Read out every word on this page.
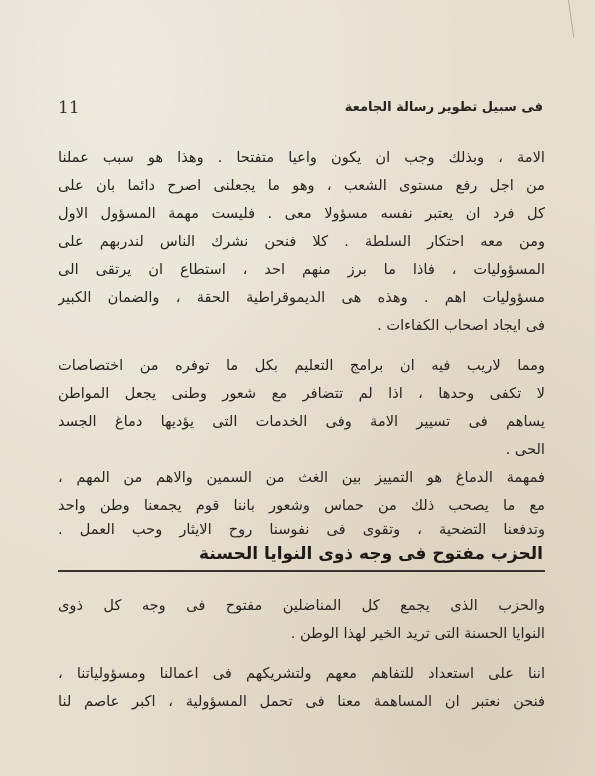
11	فى سبيل تطوير رسالة الجامعة
الامة ، وبذلك وجب ان يكون واعيا متفتحا . وهذا هو سبب عملنا
من اجل رفع مستوى الشعب ، وهو ما يجعلنى اصرح دائما بان على
كل فرد ان يعتبر نفسه مسؤولا معى . فليست مهمة المسؤول الاول
ومن معه احتكار السلطة . كلا فنحن نشرك الناس لندربهم على
المسؤوليات ، فاذا ما برز منهم احد ، استطاع ان يرتقى الى
مسؤوليات اهم . وهذه هى الديموقراطية الحقة ، والضمان الكبير
فى ايجاد اصحاب الكفاءات .
ومما لاريب فيه ان برامج التعليم بكل ما توفره من اختصاصات
لا تكفى وحدها ، اذا لم تتضافر مع شعور وطنى يجعل المواطن
يساهم فى تسيير الامة وفى الخدمات التى يؤديها دماغ الجسد
الحى .
فمهمة الدماغ هو التمييز بين الغث من السمين والاهم من المهم ،
مع ما يصحب ذلك من حماس وشعور باننا قوم يجمعنا وطن واحد
وتدفعنا التضحية ، وتقوى فى نفوسنا روح الايثار وحب العمل .
الحزب مفتوح فى وجه ذوى النوايا الحسنة
والحزب الذى يجمع كل المناضلين مفتوح فى وجه كل ذوى
النوايا الحسنة التى تريد الخير لهذا الوطن .
اننا على استعداد للتفاهم معهم ولتشريكهم فى اعمالنا ومسؤولياتنا ،
فنحن نعتبر ان المساهمة معنا فى تحمل المسؤولية ، اكبر عاصم لنا
